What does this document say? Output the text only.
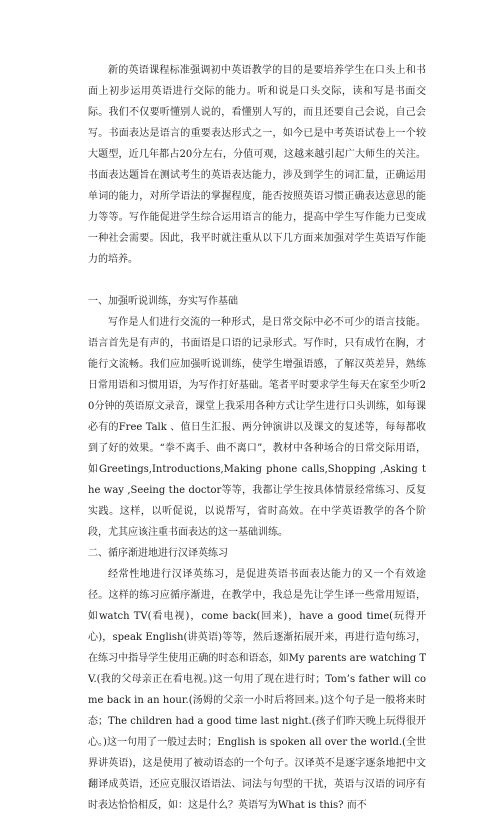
新的英语课程标准强调初中英语教学的目的是要培养学生在口头上和书面上初步运用英语进行交际的能力。听和说是口头交际，读和写是书面交际。我们不仅要听懂别人说的，看懂别人写的，而且还要自己会说，自己会写。书面表达是语言的重要表达形式之一，如今已是中考英语试卷上一个较大题型，近几年都占20分左右，分值可观，这越来越引起广大师生的关注。书面表达题旨在测试考生的英语表达能力，涉及到学生的词汇量，正确运用单词的能力，对所学语法的掌握程度，能否按照英语习惯正确表达意思的能力等等。写作能促进学生综合运用语言的能力，提高中学生写作能力已变成一种社会需要。因此，我平时就注重从以下几方面来加强对学生英语写作能力的培养。

一、加强听说训练，夯实写作基础

写作是人们进行交流的一种形式，是日常交际中必不可少的语言技能。语言首先是有声的，书面语是口语的记录形式。写作时，只有成竹在胸，才能行文流畅。我们应加强听说训练，使学生增强语感，了解汉英差异，熟练日常用语和习惯用语，为写作打好基础。笔者平时要求学生每天在家至少听20分钟的英语原文录音，课堂上我采用各种方式让学生进行口头训练，如每课必有的Free Talk 、值日生汇报、两分钟演讲以及课文的复述等，每每都收到了好的效果。“拳不离手、曲不离口”，教材中各种场合的日常交际用语，如Greetings,Introductions,Making phone calls,Shopping ,Asking the way ,Seeing the doctor等等，我都让学生按具体情景经常练习、反复实践。这样，以听促说，以说帮写，省时高效。在中学英语教学的各个阶段，尤其应该注重书面表达的这一基础训练。

二、循序渐进地进行汉译英练习

经常性地进行汉译英练习，是促进英语书面表达能力的又一个有效途径。这样的练习应循序渐进，在教学中，我总是先让学生译一些常用短语，如watch TV(看电视)，come back(回来)，have a good time(玩得开心)，speak English(讲英语)等等，然后逐渐拓展开来，再进行造句练习，在练习中指导学生使用正确的时态和语态，如My parents are watching TV.(我的父母亲正在看电视。)这一句用了现在进行时；Tom’s father will come back in an hour.(汤姆的父亲一小时后将回来。)这个句子是一般将来时态；The children had a good time last night.(孩子们昨天晚上玩得很开心。)这一句用了一般过去时；English is spoken all over the world.(全世界讲英语)，这是使用了被动语态的一个句子。汉译英不是逐字逐条地把中文翻译成英语，还应克服汉语语法、词法与句型的干扰，英语与汉语的词序有时表达恰恰相反，如：这是什么？英语写为What is this? 而不
